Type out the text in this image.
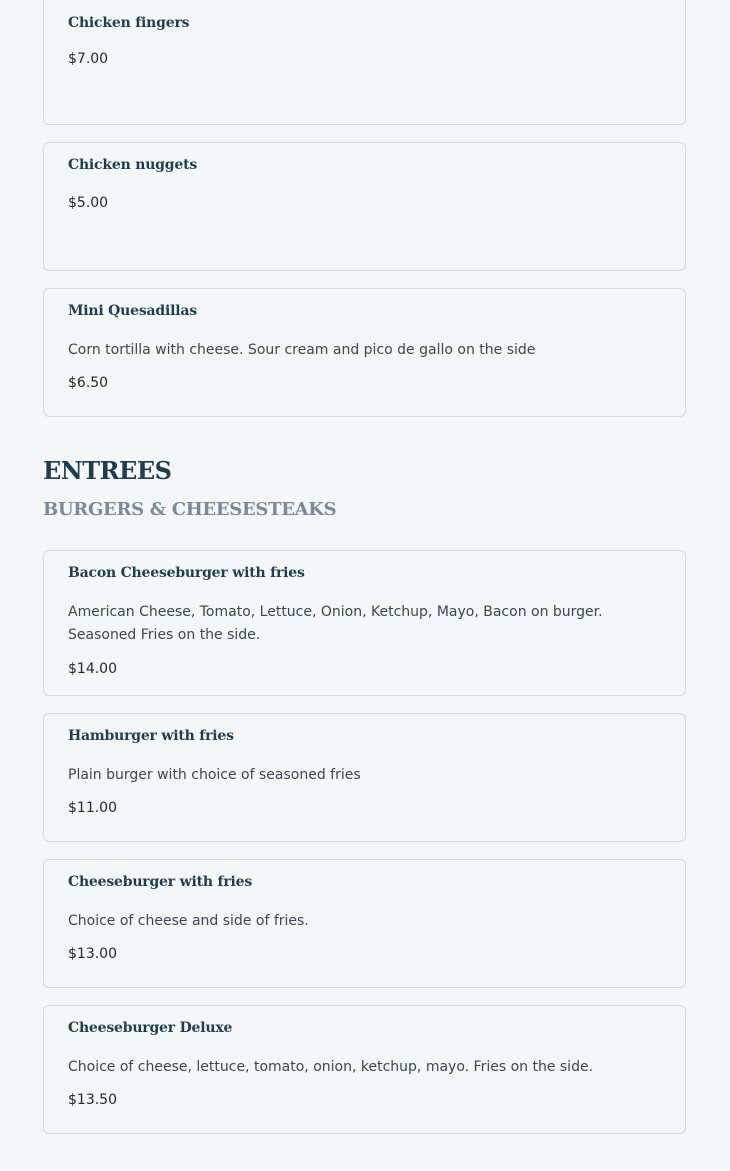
Chicken fingers
$7.00
Chicken nuggets
$5.00
Mini Quesadillas
Corn tortilla with cheese. Sour cream and pico de gallo on the side
$6.50
ENTREES
BURGERS & CHEESESTEAKS
Bacon Cheeseburger with fries
American Cheese, Tomato, Lettuce, Onion, Ketchup, Mayo, Bacon on burger. Seasoned Fries on the side.
$14.00
Hamburger with fries
Plain burger with choice of seasoned fries
$11.00
Cheeseburger with fries
Choice of cheese and side of fries.
$13.00
Cheeseburger Deluxe
Choice of cheese, lettuce, tomato, onion, ketchup, mayo. Fries on the side.
$13.50
